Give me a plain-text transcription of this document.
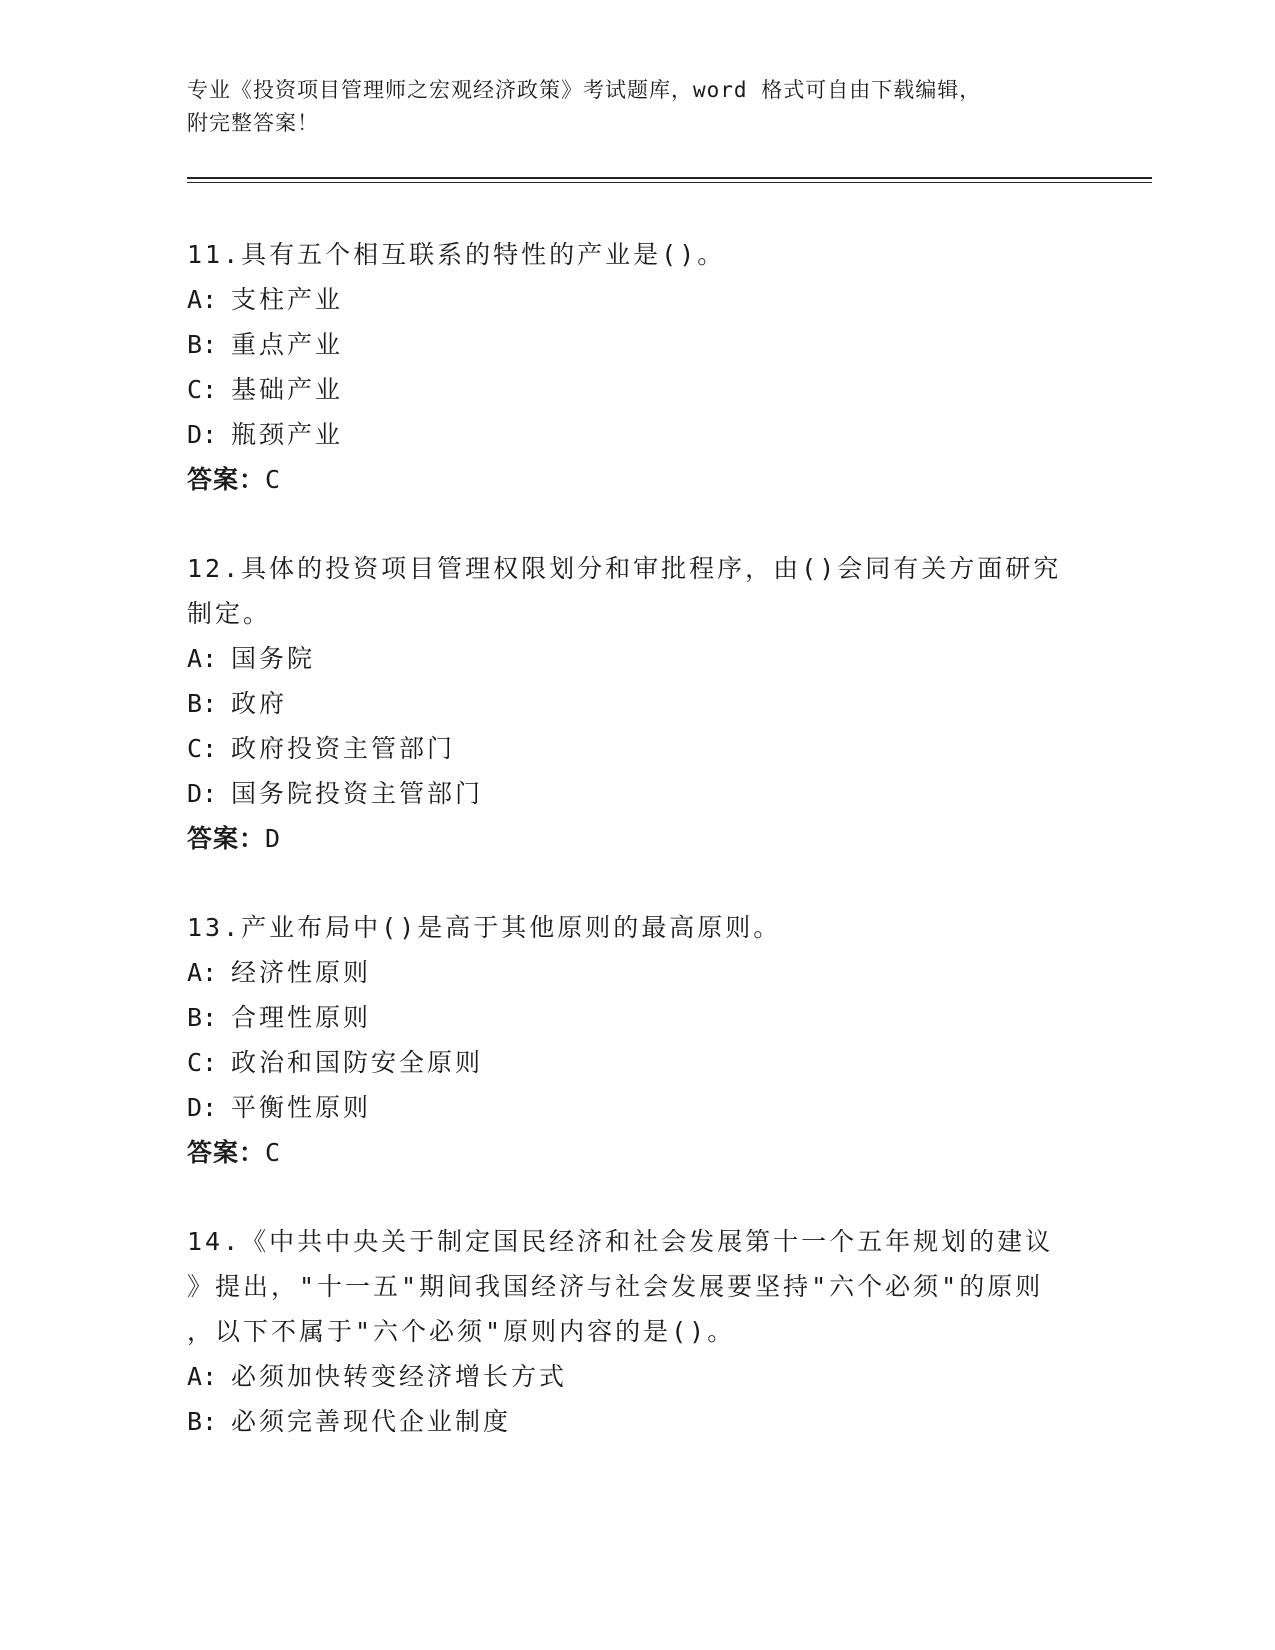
专业《投资项目管理师之宏观经济政策》考试题库，word 格式可自由下载编辑，
附完整答案！
11.具有五个相互联系的特性的产业是()。
A: 支柱产业
B: 重点产业
C: 基础产业
D: 瓶颈产业
答案：C
12.具体的投资项目管理权限划分和审批程序，由()会同有关方面研究
制定。
A: 国务院
B: 政府
C: 政府投资主管部门
D: 国务院投资主管部门
答案：D
13.产业布局中()是高于其他原则的最高原则。
A: 经济性原则
B: 合理性原则
C: 政治和国防安全原则
D: 平衡性原则
答案：C
14.《中共中央关于制定国民经济和社会发展第十一个五年规划的建议
》提出，"十一五"期间我国经济与社会发展要坚持"六个必须"的原则
，以下不属于"六个必须"原则内容的是()。
A: 必须加快转变经济增长方式
B: 必须完善现代企业制度
